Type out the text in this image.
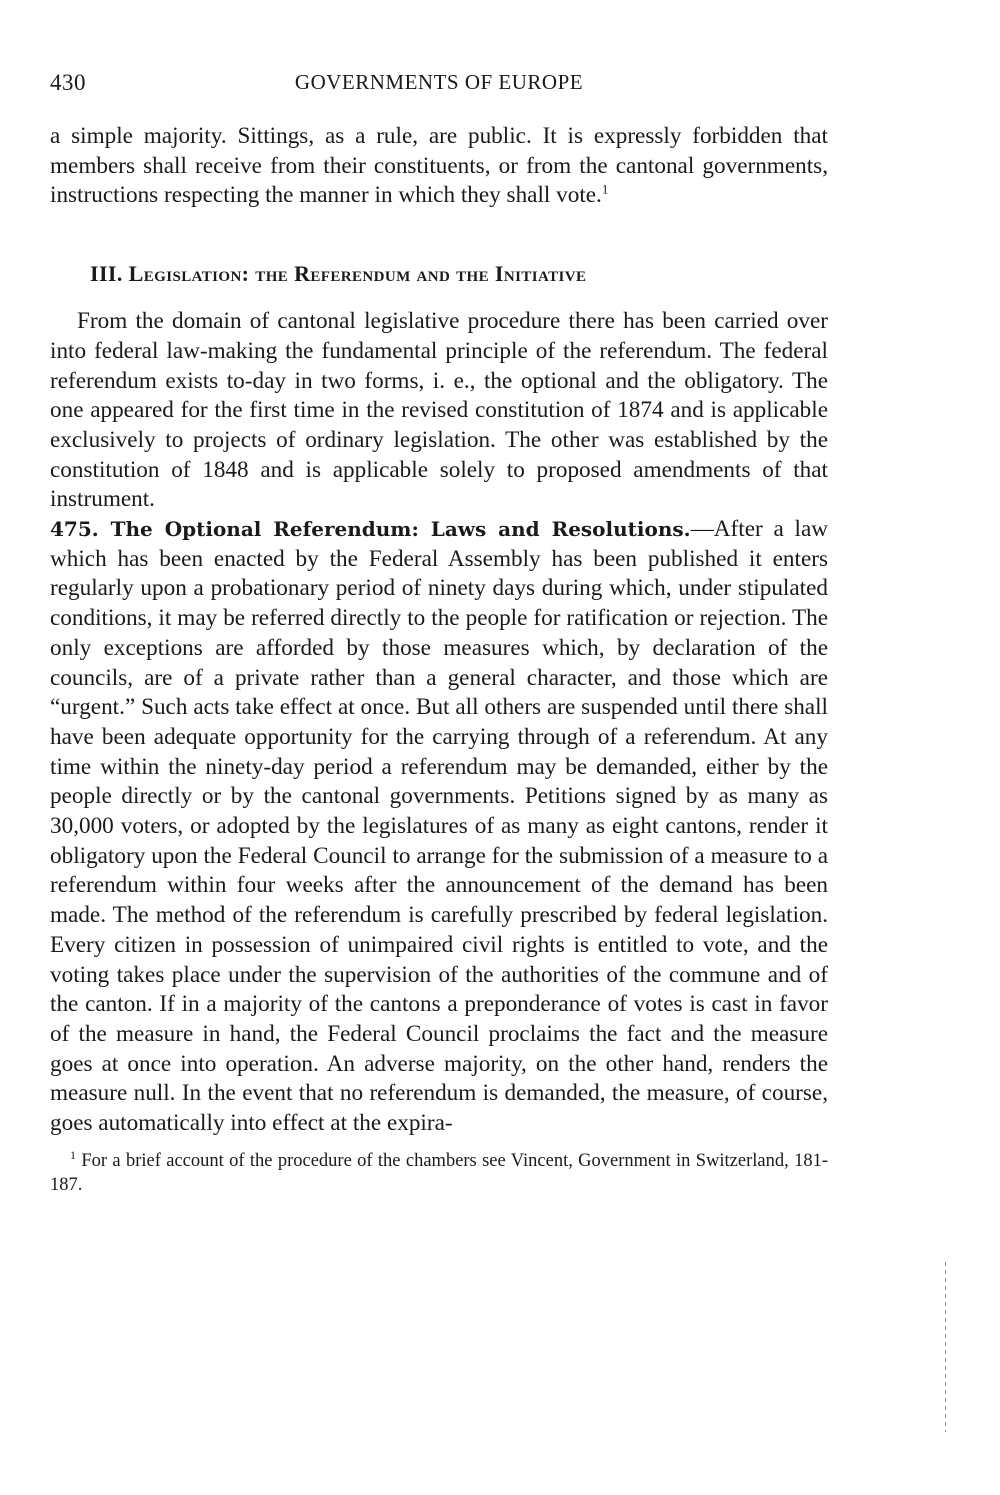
430	GOVERNMENTS OF EUROPE

a simple majority. Sittings, as a rule, are public. It is expressly forbidden that members shall receive from their constituents, or from the cantonal governments, instructions respecting the manner in which they shall vote.$^1$

III. Legislation: the Referendum and the Initiative

From the domain of cantonal legislative procedure there has been carried over into federal law-making the fundamental principle of the referendum. The federal referendum exists to-day in two forms, i. e., the optional and the obligatory. The one appeared for the first time in the revised constitution of 1874 and is applicable exclusively to projects of ordinary legislation. The other was established by the constitution of 1848 and is applicable solely to proposed amendments of that instrument.

475. The Optional Referendum: Laws and Resolutions.—After a law which has been enacted by the Federal Assembly has been published it enters regularly upon a probationary period of ninety days during which, under stipulated conditions, it may be referred directly to the people for ratification or rejection. The only exceptions are afforded by those measures which, by declaration of the councils, are of a private rather than a general character, and those which are “urgent.” Such acts take effect at once. But all others are suspended until there shall have been adequate opportunity for the carrying through of a referendum. At any time within the ninety-day period a referendum may be demanded, either by the people directly or by the cantonal governments. Petitions signed by as many as 30,000 voters, or adopted by the legislatures of as many as eight cantons, render it obligatory upon the Federal Council to arrange for the submission of a measure to a referendum within four weeks after the announcement of the demand has been made. The method of the referendum is carefully prescribed by federal legislation. Every citizen in possession of unimpaired civil rights is entitled to vote, and the voting takes place under the supervision of the authorities of the commune and of the canton. If in a majority of the cantons a preponderance of votes is cast in favor of the measure in hand, the Federal Council proclaims the fact and the measure goes at once into operation. An adverse majority, on the other hand, renders the measure null. In the event that no referendum is demanded, the measure, of course, goes automatically into effect at the expira-

$^1$ For a brief account of the procedure of the chambers see Vincent, Government in Switzerland, 181-187.
